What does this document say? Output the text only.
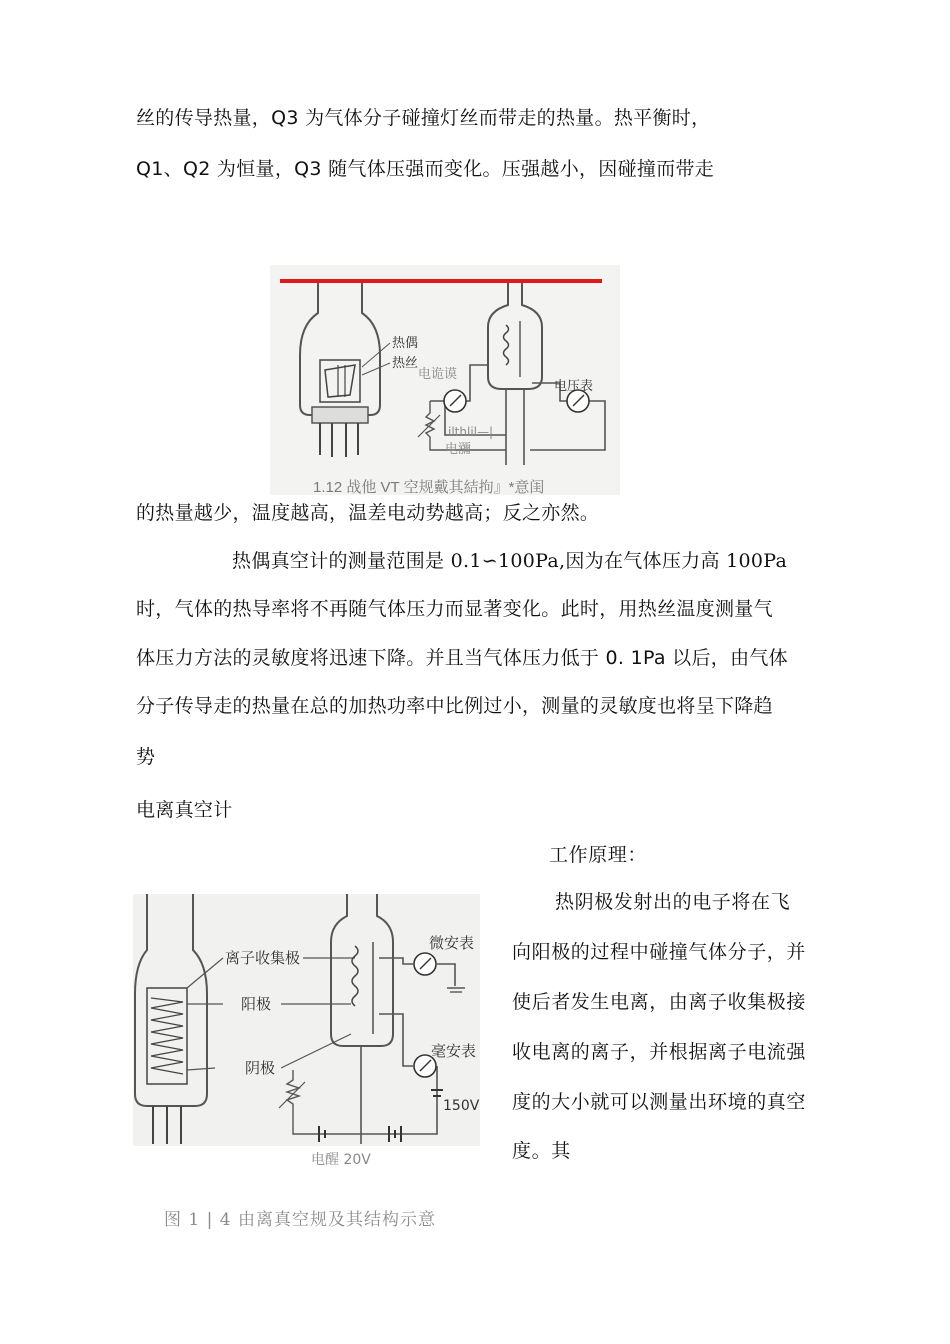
丝的传导热量，Q3 为气体分子碰撞灯丝而带走的热量。热平衡时，
Q1、Q2 为恒量，Q3 随气体压强而变化。压强越小，因碰撞而带走
热偶
热丝
电诡谟
电压表
ilthlil—|
电瀰
1.12 战他 VT 空规戴其結拘』*意闺
的热量越少，温度越高，温差电动势越高；反之亦然。
热偶真空计的测量范围是 0.1∽100Pa,因为在气体压力高 100Pa
时，气体的热导率将不再随气体压力而显著变化。此时，用热丝温度测量气
体压力方法的灵敏度将迅速下降。并且当气体压力低于 0. 1Pa 以后，由气体
分子传导走的热量在总的加热功率中比例过小，测量的灵敏度也将呈下降趋
势
电离真空计
工作原理：
热阴极发射出的电子将在飞
向阳极的过程中碰撞气体分子，并
使后者发生电离，由离子收集极接
收电离的离子，并根据离子电流强
度的大小就可以测量出环境的真空
度。其
离子收集极
阳极
阴极
微安表
毫安表
150V
电醒 20V
图 1 | 4 由离真空规及其结构示意
